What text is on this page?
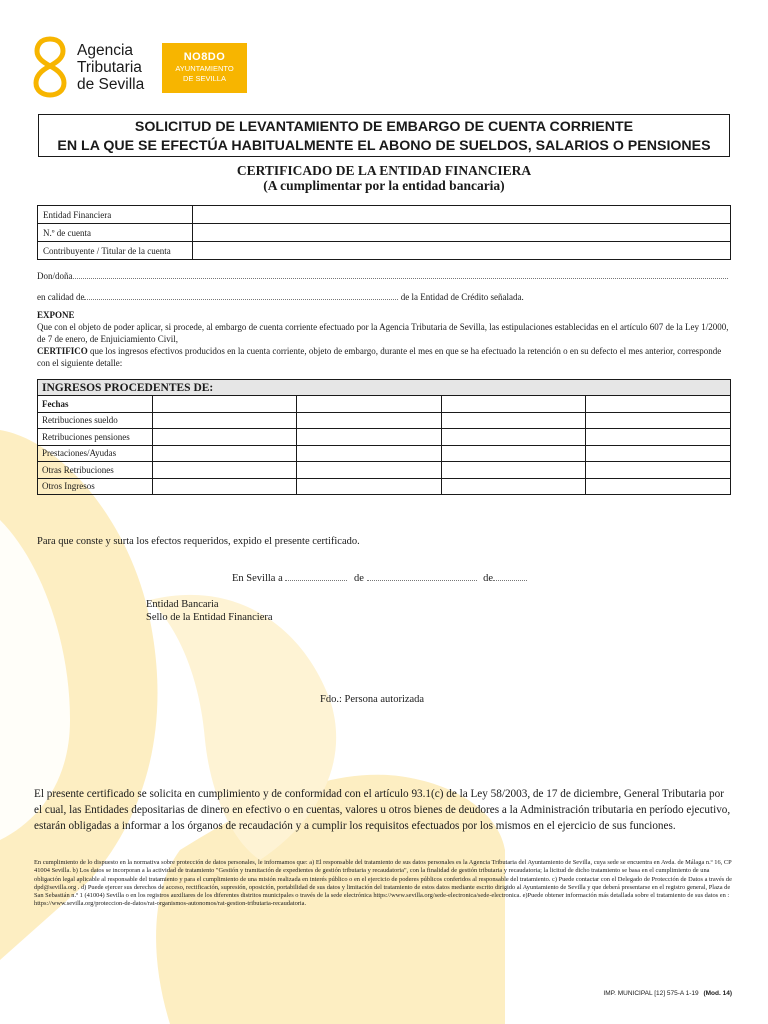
Agencia
Tributaria
de Sevilla
NO8DO
AYUNTAMIENTO
DE SEVILLA
SOLICITUD DE LEVANTAMIENTO DE EMBARGO DE CUENTA CORRIENTE
EN LA QUE SE EFECTÚA HABITUALMENTE EL ABONO DE SUELDOS, SALARIOS O PENSIONES
CERTIFICADO DE LA ENTIDAD FINANCIERA
(A cumplimentar por la entidad bancaria)
Entidad Financiera	
N.º de cuenta	
Contribuyente / Titular de la cuenta	
Don/doña
en calidad de	de la Entidad de Crédito señalada.
EXPONE
Que con el objeto de poder aplicar, si procede, al embargo de cuenta corriente efectuado por la Agencia Tributaria de Sevilla, las estipulaciones establecidas en el artículo 607 de la Ley 1/2000, de 7 de enero, de Enjuiciamiento Civil,
CERTIFICO que los ingresos efectivos producidos en la cuenta corriente, objeto de embargo, durante el mes en que se ha efectuado la retención o en su defecto el mes anterior, corresponde con el siguiente detalle:
INGRESOS PROCEDENTES DE:				
Fechas				
Retribuciones sueldo				
Retribuciones pensiones				
Prestaciones/Ayudas				
Otras Retribuciones				
Otros Ingresos				
Para que conste y surta los efectos requeridos, expido el presente certificado.
En Sevilla a	de	de
Entidad Bancaria
Sello de la Entidad Financiera
Fdo.: Persona autorizada
El presente certificado se solicita en cumplimiento y de conformidad con el artículo 93.1(c) de la Ley 58/2003, de 17 de diciembre, General Tributaria por el cual, las Entidades depositarias de dinero en efectivo o en cuentas, valores u otros bienes de deudores a la Administración tributaria en período ejecutivo, estarán obligadas a informar a los órganos de recaudación y a cumplir los requisitos efectuados por los mismos en el ejercicio de sus funciones.
En cumplimiento de lo dispuesto en la normativa sobre protección de datos personales, le informamos que: a) El responsable del tratamiento de sus datos personales es la Agencia Tributaria del Ayuntamiento de Sevilla, cuya sede se encuentra en Avda. de Málaga n.º 16, CP 41004 Sevilla. b) Los datos se incorporan a la actividad de tratamiento "Gestión y tramitación de expedientes de gestión tributaria y recaudatoria", con la finalidad de gestión tributaria y recaudatoria; la licitud de dicho tratamiento se basa en el cumplimiento de una obligación legal aplicable al responsable del tratamiento y para el cumplimiento de una misión realizada en interés público o en el ejercicio de poderes públicos conferidos al responsable del tratamiento. c) Puede contactar con el Delegado de Protección de Datos a través de dpd@sevilla.org . d) Puede ejercer sus derechos de acceso, rectificación, supresión, oposición, portabilidad de sus datos y limitación del tratamiento de estos datos mediante escrito dirigido al Ayuntamiento de Sevilla y que deberá presentarse en el registro general, Plaza de San Sebastián n.º 1 (41004) Sevilla o en los registros auxiliares de los diferentes distritos municipales o través de la sede electrónica https://www.sevilla.org/sede-electronica/sede-electronica. e)Puede obtener información más detallada sobre el tratamiento de sus datos en : https://www.sevilla.org/proteccion-de-datos/rat-organismos-autonomos/rat-gestion-tributaria-recaudatoria.
IMP. MUNICIPAL [12] 575-A 1-19 (Mod. 14)
